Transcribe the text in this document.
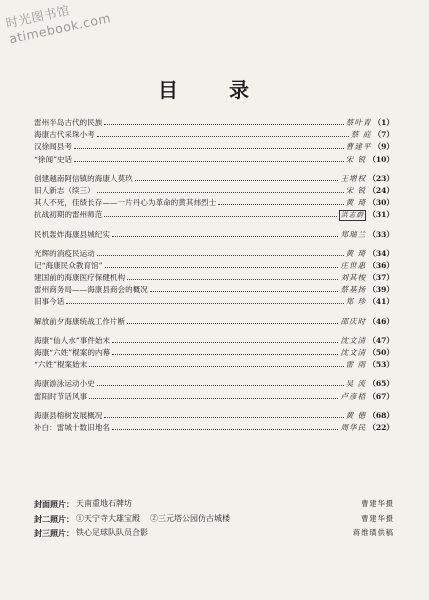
时光图书馆 atimebook.com
目 录
雷州半岛古代的民族	蔡叶青 （1）
海康古代采珠小考	蔡 庭 （7）
汉徐闻县考	曹建平 （9）
“徐闻”史话	宋 锐 （10）
创建越南阿信镇的海康人莫玖	王增权 （23）
旧人新志（续三）	宋 锐 （24）
其人不死，佳绩长存——一片丹心为革命的黄其炜烈士	黄 琦 （30）
抗战初期的雷州师范	洪志蔚 （31）
民机轰炸海康县城纪实	郑瑞兰 （33）
光辉的消疫民运动	黄 琦 （34）
记“海康民众教育馆”	庄世惠 （36）
建国前的海康医疗保健机构	刘其梭 （37）
雷州商务局——海康县商会的概况	蔡基扬 （39）
旧事今话	郑 珍 （41）
解放前夕海康统战工作片断	邵庆时 （46）
海康“仙人水”事件始末	沈文清 （47）
海康“六姓”棍案的内幕	沈文清 （50）
“六姓”棍案始末	雷 雨 （53）
海康游泳运动小史	吴 流 （65）
雷阳时节话风事	卢彦梧 （67）
海康县榕树发展概况	黄 德 （68）
补白：雷城十数旧地名	周华民 （22）
封面照片： 天南重地石牌坊	曹建华摄
封二照片： ①天宁寺大雄宝殿 ②三元塔公园仿古城楼	曹建华摄
封三照片： 铁心足球队队员合影	蒋维璜供稿
